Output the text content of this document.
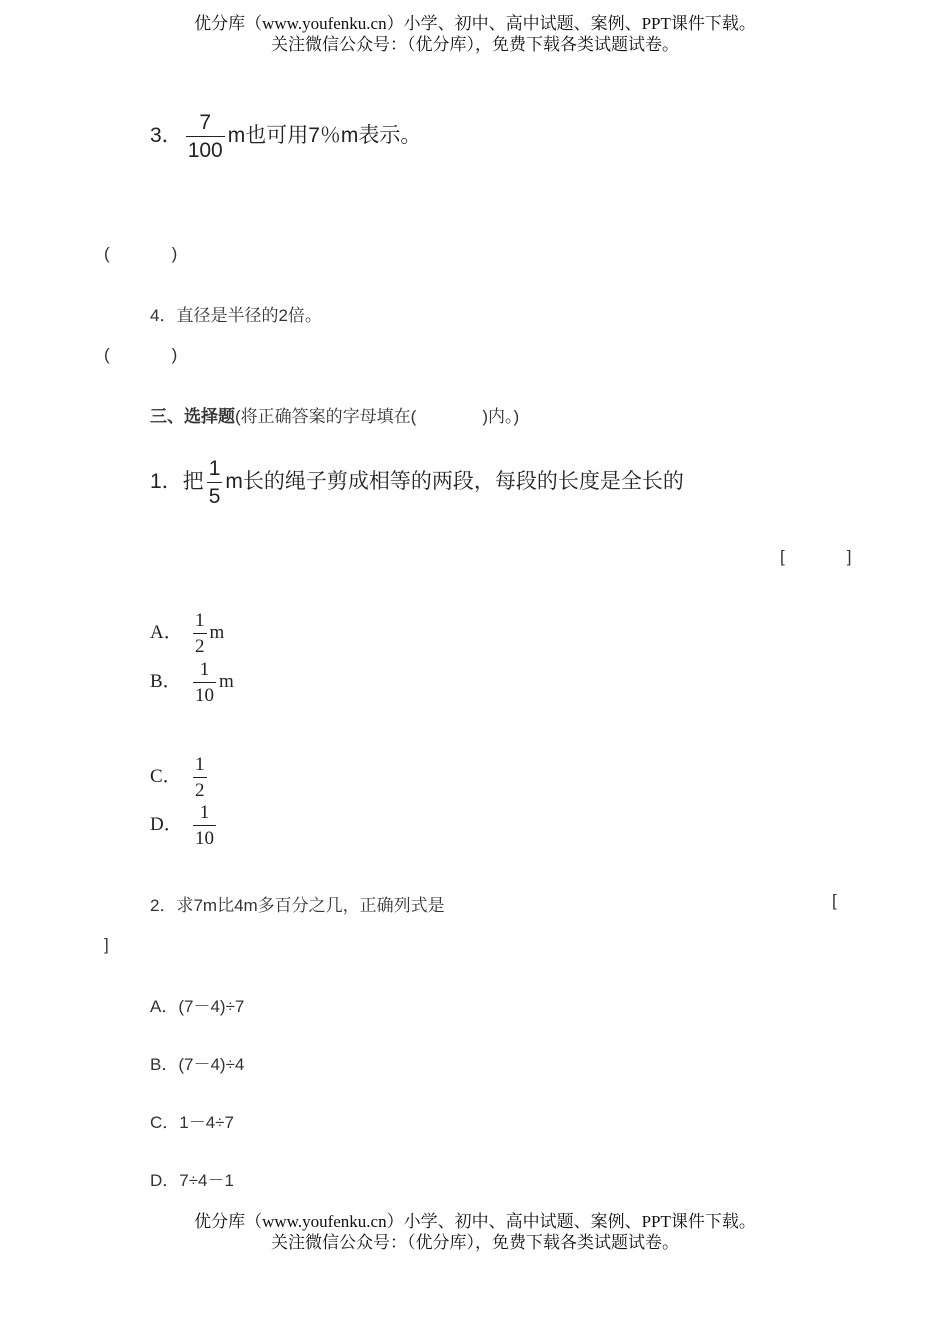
优分库（www.youfenku.cn）小学、初中、高中试题、案例、PPT课件下载。
关注微信公众号：（优分库），免费下载各类试题试卷。
3． $\frac{7}{100}$ m也可用7％m表示。
(	)
4．直径是半径的2倍。
(	)
三、选择题(将正确答案的字母填在(	)内。)
1．把 $\frac{1}{5}$ m长的绳子剪成相等的两段，每段的长度是全长的
[	]
A． $\frac{1}{2}$ m
B． $\frac{1}{10}$ m
C． $\frac{1}{2}$
D． $\frac{1}{10}$
2．求7m比4m多百分之几，正确列式是	[
]
A．(7－4)÷7
B．(7－4)÷4
C．1－4÷7
D．7÷4－1
优分库（www.youfenku.cn）小学、初中、高中试题、案例、PPT课件下载。
关注微信公众号：（优分库），免费下载各类试题试卷。
